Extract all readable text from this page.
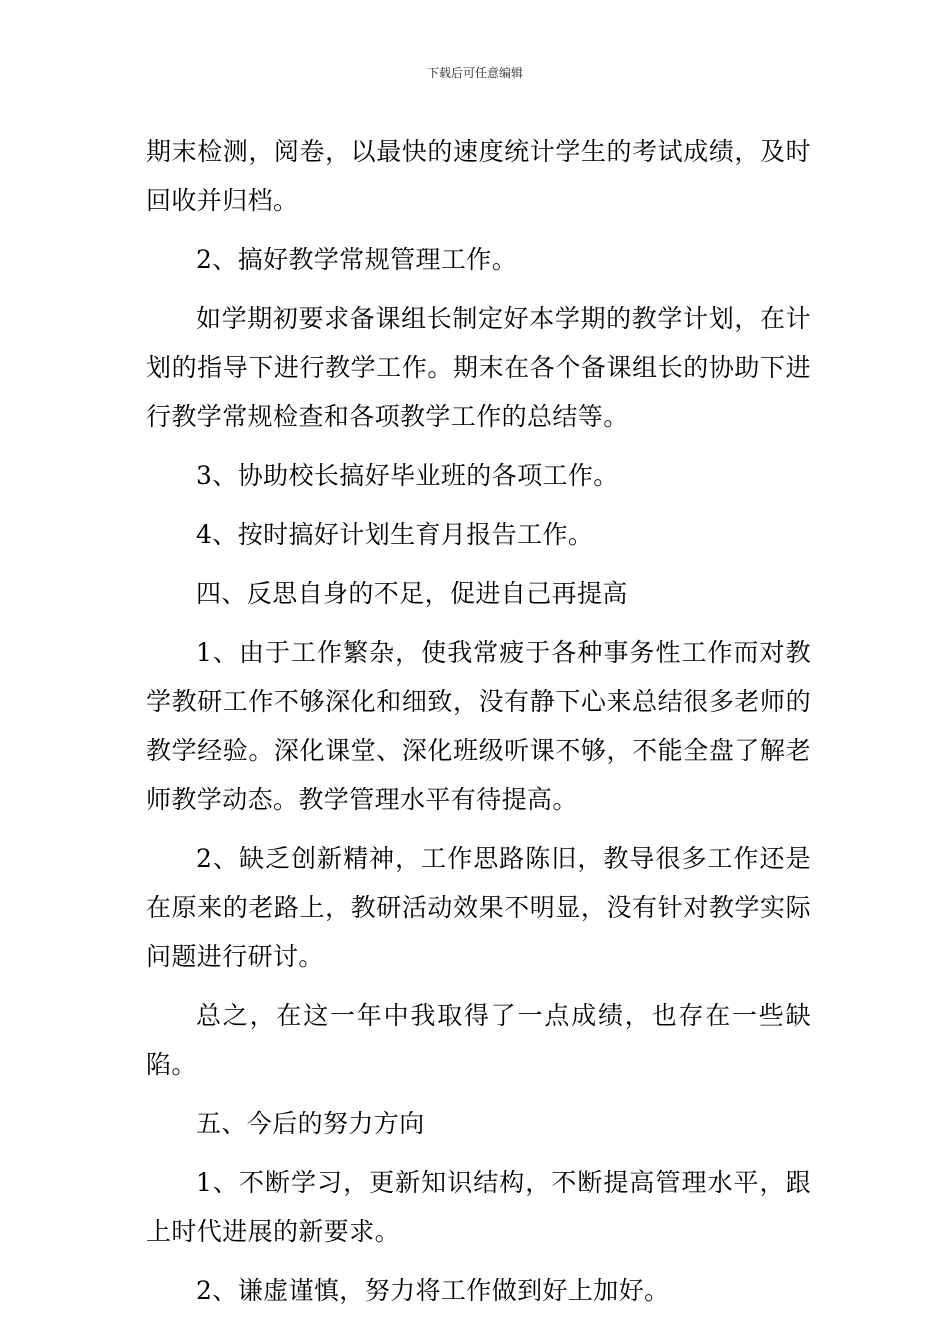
下载后可任意编辑

期末检测，阅卷，以最快的速度统计学生的考试成绩，及时回收并归档。

2、搞好教学常规管理工作。

如学期初要求备课组长制定好本学期的教学计划，在计划的指导下进行教学工作。期末在各个备课组长的协助下进行教学常规检查和各项教学工作的总结等。

3、协助校长搞好毕业班的各项工作。

4、按时搞好计划生育月报告工作。

四、反思自身的不足，促进自己再提高

1、由于工作繁杂，使我常疲于各种事务性工作而对教学教研工作不够深化和细致，没有静下心来总结很多老师的教学经验。深化课堂、深化班级听课不够，不能全盘了解老师教学动态。教学管理水平有待提高。

2、缺乏创新精神，工作思路陈旧，教导很多工作还是在原来的老路上，教研活动效果不明显，没有针对教学实际问题进行研讨。

总之，在这一年中我取得了一点成绩，也存在一些缺陷。

五、今后的努力方向

1、不断学习，更新知识结构，不断提高管理水平，跟上时代进展的新要求。

2、谦虚谨慎，努力将工作做到好上加好。
